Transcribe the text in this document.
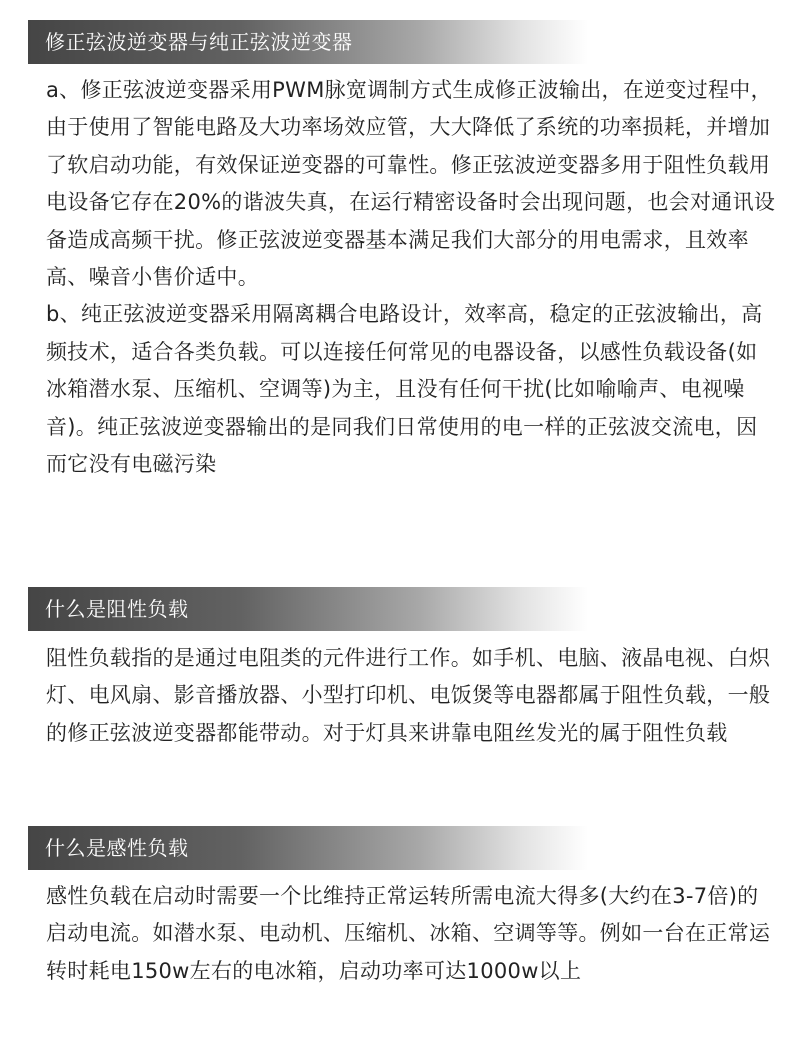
修正弦波逆变器与纯正弦波逆变器

a、修正弦波逆变器采用PWM脉宽调制方式生成修正波输出，在逆变过程中，由于使用了智能电路及大功率场效应管，大大降低了系统的功率损耗，并增加了软启动功能，有效保证逆变器的可靠性。修正弦波逆变器多用于阻性负载用电设备它存在20%的谐波失真，在运行精密设备时会出现问题，也会对通讯设备造成高频干扰。修正弦波逆变器基本满足我们大部分的用电需求，且效率高、噪音小售价适中。

b、纯正弦波逆变器采用隔离耦合电路设计，效率高，稳定的正弦波输出，高频技术，适合各类负载。可以连接任何常见的电器设备，以感性负载设备(如冰箱潜水泵、压缩机、空调等)为主，且没有任何干扰(比如喻喻声、电视噪音)。纯正弦波逆变器输出的是同我们日常使用的电一样的正弦波交流电，因而它没有电磁污染

什么是阻性负载

阻性负载指的是通过电阻类的元件进行工作。如手机、电脑、液晶电视、白炽灯、电风扇、影音播放器、小型打印机、电饭煲等电器都属于阻性负载，一般的修正弦波逆变器都能带动。对于灯具来讲靠电阻丝发光的属于阻性负载

什么是感性负载

感性负载在启动时需要一个比维持正常运转所需电流大得多(大约在3-7倍)的启动电流。如潜水泵、电动机、压缩机、冰箱、空调等等。例如一台在正常运转时耗电150w左右的电冰箱，启动功率可达1000w以上
